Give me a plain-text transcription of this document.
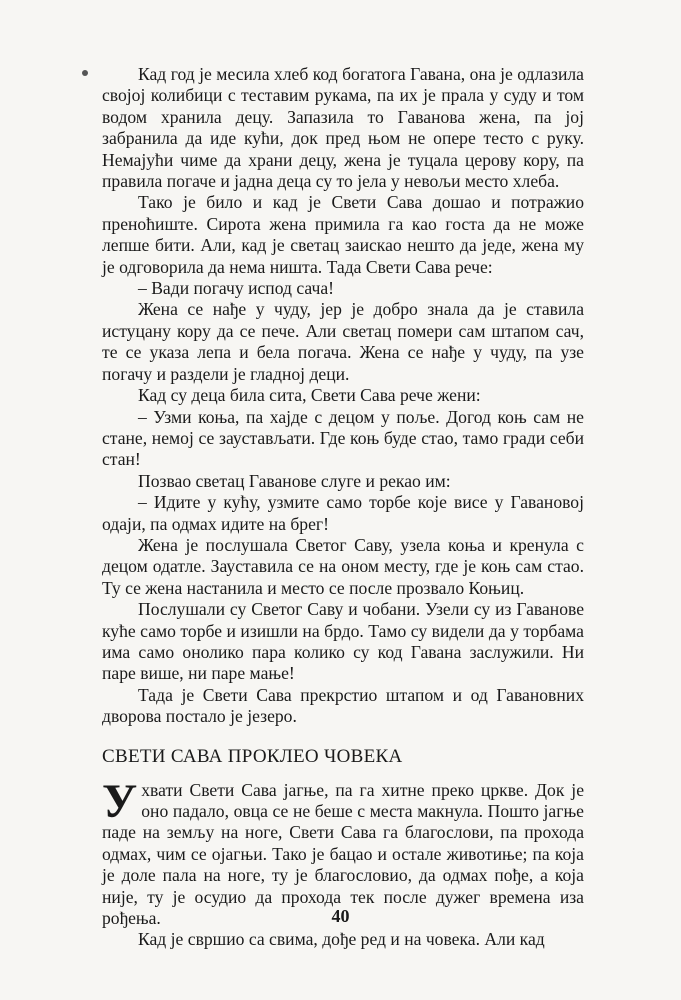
Кад год је месила хлеб код богатога Гавана, она је одлазила својој колибици с теставим рукама, па их је прала у суду и том водом хранила децу. Запазила то Гаванова жена, па јој забранила да иде кући, док пред њом не опере тесто с руку. Немајући чиме да храни децу, жена је туцала церову кору, па правила погаче и јадна деца су то јела у невољи место хлеба.

Тако је било и кад је Свети Сава дошао и потражио преноћиште. Сирота жена примила га као госта да не може лепше бити. Али, кад је светац заискао нешто да једе, жена му је одговорила да нема ништа. Тада Свети Сава рече:

– Вади погачу испод сача!

Жена се нађе у чуду, јер је добро знала да је ставила истуцану кору да се пече. Али светац помери сам штапом сач, те се указа лепа и бела погача. Жена се нађе у чуду, па узе погачу и раздели је гладној деци.

Кад су деца била сита, Свети Сава рече жени:

– Узми коња, па хајде с децом у поље. Догод коњ сам не стане, немој се заустављати. Где коњ буде стао, тамо гради себи стан!

Позвао светац Гаванове слуге и рекао им:

– Идите у кућу, узмите само торбе које висе у Гавановој одаји, па одмах идите на брег!

Жена је послушала Светог Саву, узела коња и кренула с децом одатле. Зауставила се на оном месту, где је коњ сам стао. Ту се жена настанила и место се после прозвало Коњиц.

Послушали су Светог Саву и чобани. Узели су из Гаванове куће само торбе и изишли на брдо. Тамо су видели да у торбама има само онолико пара колико су код Гавана заслужили. Ни паре више, ни паре мање!

Тада је Свети Сава прекрстио штапом и од Гавановних дворова постало је језеро.

СВЕТИ САВА ПРОКЛЕО ЧОВЕКА

Ухвати Свети Сава јагње, па га хитне преко цркве. Док је оно падало, овца се не беше с места макнула. Пошто јагње паде на земљу на ноге, Свети Сава га благослови, па прохода одмах, чим се ојагњи. Тако је бацао и остале животиње; па која је доле пала на ноге, ту је благословио, да одмах пође, а која није, ту је осудио да проходa тек после дужег времена иза рођења.

Кад је свршио са свима, дође ред и на човека. Али кад

40
